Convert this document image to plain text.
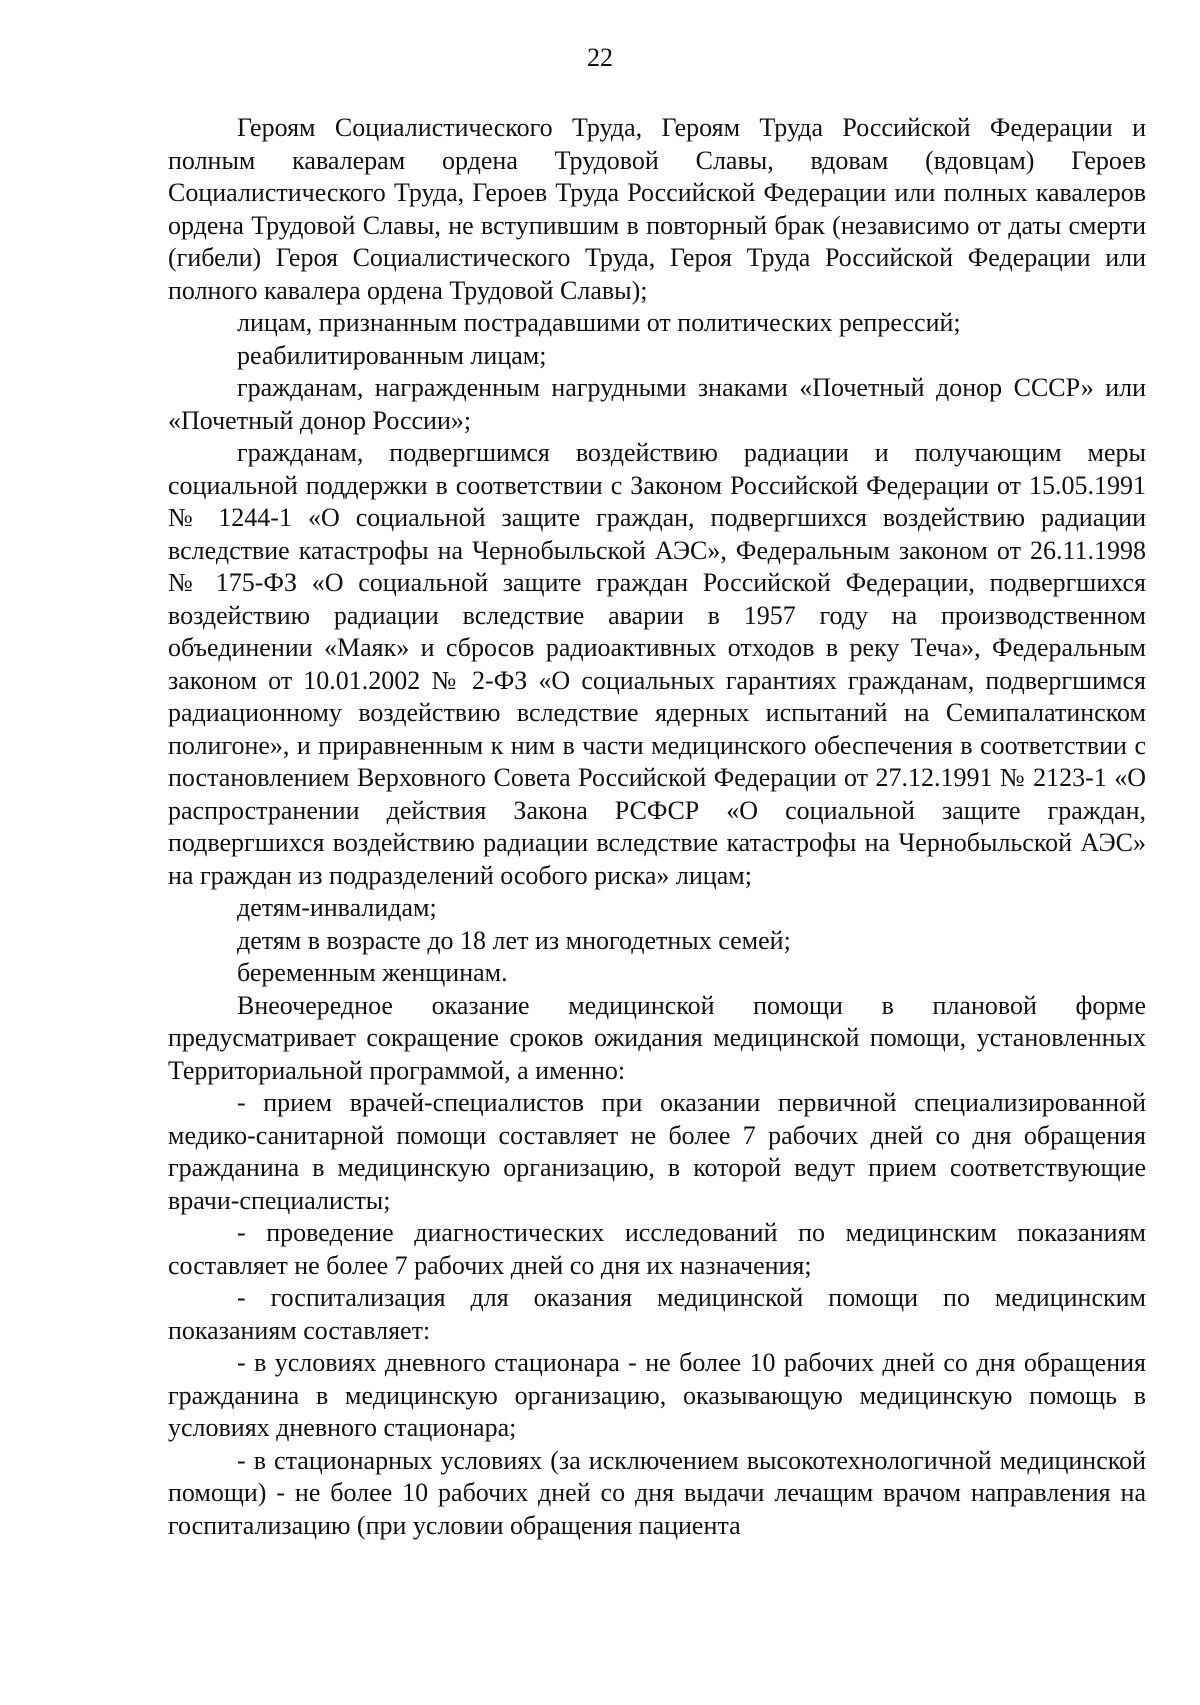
22

Героям Социалистического Труда, Героям Труда Российской Федерации и полным кавалерам ордена Трудовой Славы, вдовам (вдовцам) Героев Социалистического Труда, Героев Труда Российской Федерации или полных кавалеров ордена Трудовой Славы, не вступившим в повторный брак (независимо от даты смерти (гибели) Героя Социалистического Труда, Героя Труда Российской Федерации или полного кавалера ордена Трудовой Славы);

лицам, признанным пострадавшими от политических репрессий;

реабилитированным лицам;

гражданам, награжденным нагрудными знаками «Почетный донор СССР» или «Почетный донор России»;

гражданам, подвергшимся воздействию радиации и получающим меры социальной поддержки в соответствии с Законом Российской Федерации от 15.05.1991 № 1244-1 «О социальной защите граждан, подвергшихся воздействию радиации вследствие катастрофы на Чернобыльской АЭС», Федеральным законом от 26.11.1998 № 175-ФЗ «О социальной защите граждан Российской Федерации, подвергшихся воздействию радиации вследствие аварии в 1957 году на производственном объединении «Маяк» и сбросов радиоактивных отходов в реку Теча», Федеральным законом от 10.01.2002 № 2-ФЗ «О социальных гарантиях гражданам, подвергшимся радиационному воздействию вследствие ядерных испытаний на Семипалатинском полигоне», и приравненным к ним в части медицинского обеспечения в соответствии с постановлением Верховного Совета Российской Федерации от 27.12.1991 № 2123-1 «О распространении действия Закона РСФСР «О социальной защите граждан, подвергшихся воздействию радиации вследствие катастрофы на Чернобыльской АЭС» на граждан из подразделений особого риска» лицам;

детям-инвалидам;

детям в возрасте до 18 лет из многодетных семей;

беременным женщинам.

Внеочередное оказание медицинской помощи в плановой форме предусматривает сокращение сроков ожидания медицинской помощи, установленных Территориальной программой, а именно:

- прием врачей-специалистов при оказании первичной специализированной медико-санитарной помощи составляет не более 7 рабочих дней со дня обращения гражданина в медицинскую организацию, в которой ведут прием соответствующие врачи-специалисты;

- проведение диагностических исследований по медицинским показаниям составляет не более 7 рабочих дней со дня их назначения;

- госпитализация для оказания медицинской помощи по медицинским показаниям составляет:

- в условиях дневного стационара - не более 10 рабочих дней со дня обращения гражданина в медицинскую организацию, оказывающую медицинскую помощь в условиях дневного стационара;

- в стационарных условиях (за исключением высокотехнологичной медицинской помощи) - не более 10 рабочих дней со дня выдачи лечащим врачом направления на госпитализацию (при условии обращения пациента
